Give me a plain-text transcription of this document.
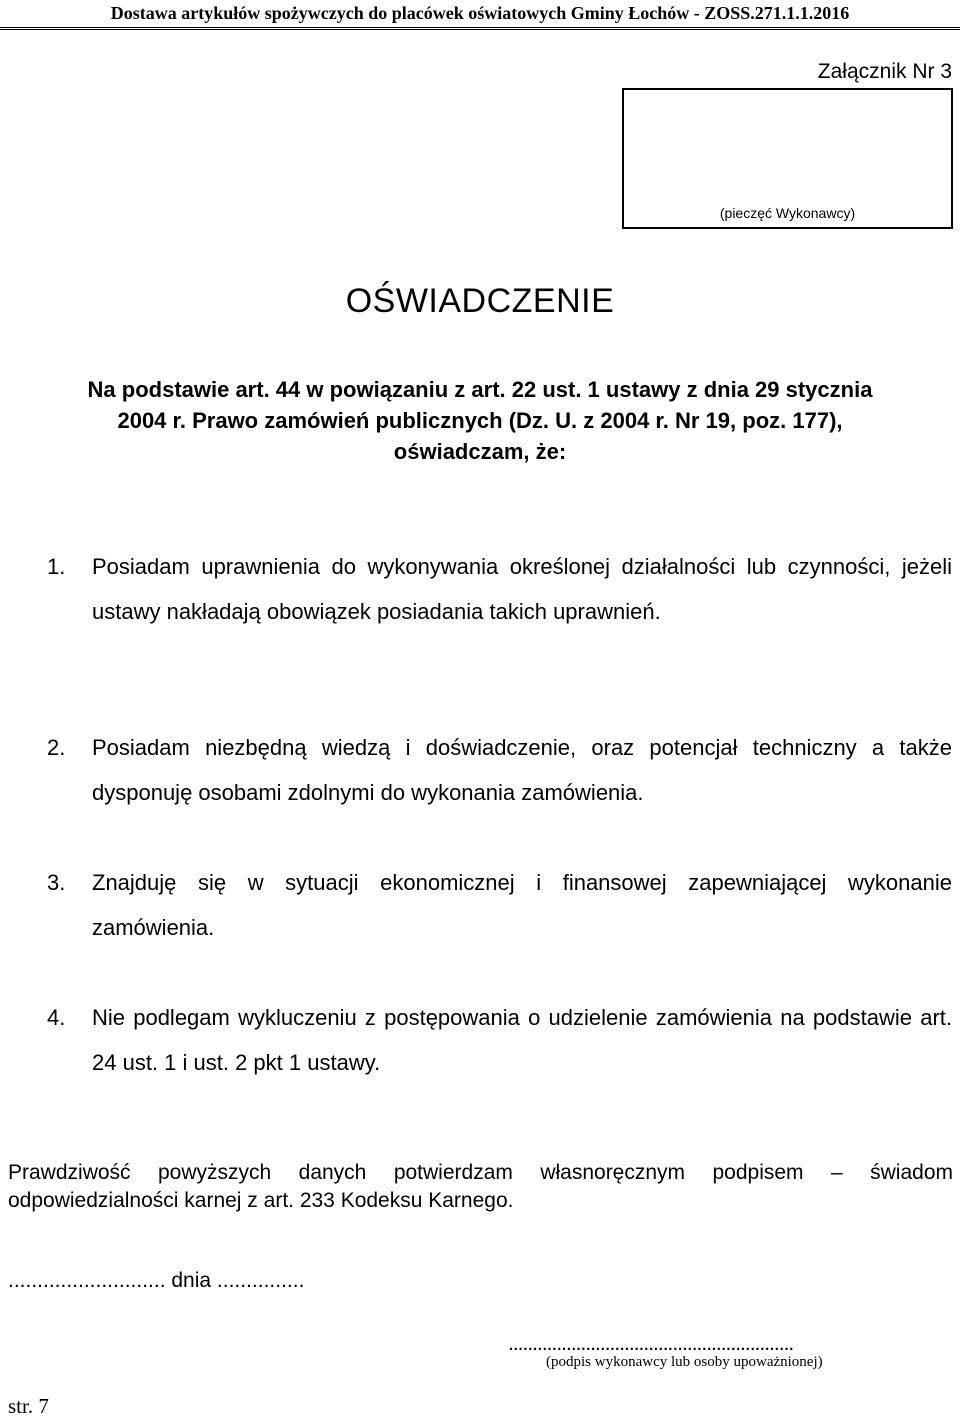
Dostawa artykułów spożywczych do placówek oświatowych Gminy Łochów - ZOSS.271.1.1.2016
Załącznik Nr 3
(pieczęć Wykonawcy)
OŚWIADCZENIE
Na podstawie art. 44 w powiązaniu z art. 22 ust. 1 ustawy z dnia 29 stycznia
2004 r. Prawo zamówień publicznych (Dz. U. z 2004 r. Nr 19, poz. 177),
oświadczam, że:
1.	Posiadam uprawnienia do wykonywania określonej działalności lub czynności, jeżeli ustawy nakładają obowiązek posiadania takich uprawnień.
2.	Posiadam niezbędną wiedzą i doświadczenie, oraz potencjał techniczny a także dysponuję osobami zdolnymi do wykonania zamówienia.
3.	Znajduję się w sytuacji ekonomicznej i finansowej zapewniającej wykonanie zamówienia.
4.	Nie podlegam wykluczeniu z postępowania o udzielenie zamówienia na podstawie art. 24 ust. 1 i ust. 2 pkt 1 ustawy.
Prawdziwość powyższych danych potwierdzam własnoręcznym podpisem – świadom odpowiedzialności karnej z art. 233 Kodeksu Karnego.
........................... dnia ...............
...........................................................
(podpis wykonawcy lub osoby upoważnionej)
str. 7
